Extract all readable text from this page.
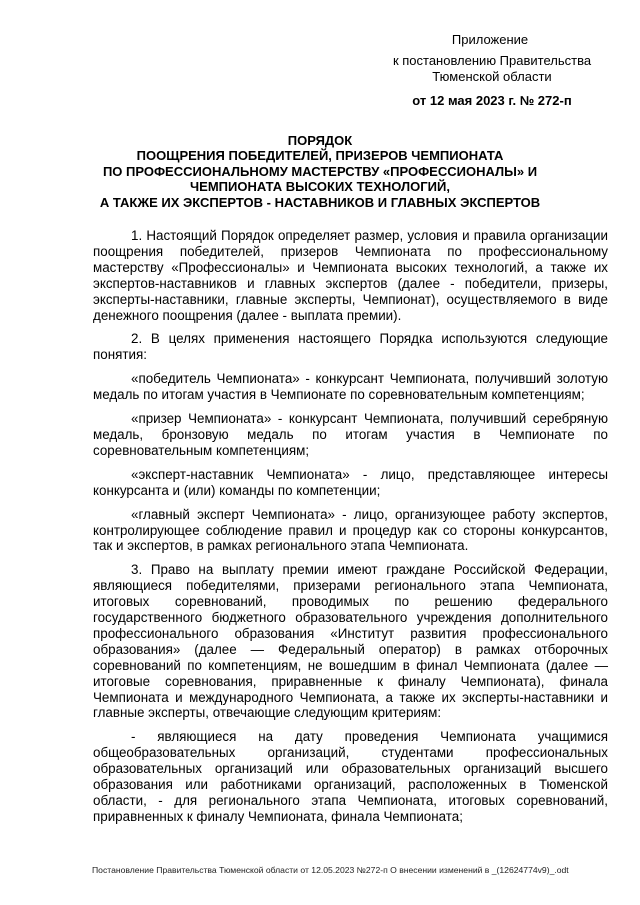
Приложение
к постановлению Правительства
Тюменской области
от 12 мая 2023 г. № 272-п
ПОРЯДОК
ПООЩРЕНИЯ ПОБЕДИТЕЛЕЙ, ПРИЗЕРОВ ЧЕМПИОНАТА
ПО ПРОФЕССИОНАЛЬНОМУ МАСТЕРСТВУ «ПРОФЕССИОНАЛЫ» И
ЧЕМПИОНАТА ВЫСОКИХ ТЕХНОЛОГИЙ,
А ТАКЖЕ ИХ ЭКСПЕРТОВ - НАСТАВНИКОВ И ГЛАВНЫХ ЭКСПЕРТОВ

1. Настоящий Порядок определяет размер, условия и правила организации поощрения победителей, призеров Чемпионата по профессиональному мастерству «Профессионалы» и Чемпионата высоких технологий, а также их экспертов-наставников и главных экспертов (далее - победители, призеры, эксперты-наставники, главные эксперты, Чемпионат), осуществляемого в виде денежного поощрения (далее - выплата премии).

2. В целях применения настоящего Порядка используются следующие понятия:

«победитель Чемпионата» - конкурсант Чемпионата, получивший золотую медаль по итогам участия в Чемпионате по соревновательным компетенциям;

«призер Чемпионата» - конкурсант Чемпионата, получивший серебряную медаль, бронзовую медаль по итогам участия в Чемпионате по соревновательным компетенциям;

«эксперт-наставник Чемпионата» - лицо, представляющее интересы конкурсанта и (или) команды по компетенции;

«главный эксперт Чемпионата» - лицо, организующее работу экспертов, контролирующее соблюдение правил и процедур как со стороны конкурсантов, так и экспертов, в рамках регионального этапа Чемпионата.

3. Право на выплату премии имеют граждане Российской Федерации, являющиеся победителями, призерами регионального этапа Чемпионата, итоговых соревнований, проводимых по решению федерального государственного бюджетного образовательного учреждения дополнительного профессионального образования «Институт развития профессионального образования» (далее — Федеральный оператор) в рамках отборочных соревнований по компетенциям, не вошедшим в финал Чемпионата (далее — итоговые соревнования, приравненные к финалу Чемпионата), финала Чемпионата и международного Чемпионата, а также их эксперты-наставники и главные эксперты, отвечающие следующим критериям:

- являющиеся на дату проведения Чемпионата учащимися общеобразовательных организаций, студентами профессиональных образовательных организаций или образовательных организаций высшего образования или работниками организаций, расположенных в Тюменской области, - для регионального этапа Чемпионата, итоговых соревнований, приравненных к финалу Чемпионата, финала Чемпионата;

Постановление Правительства Тюменской области от 12.05.2023 №272-п О внесении изменений в _(12624774v9)_.odt
